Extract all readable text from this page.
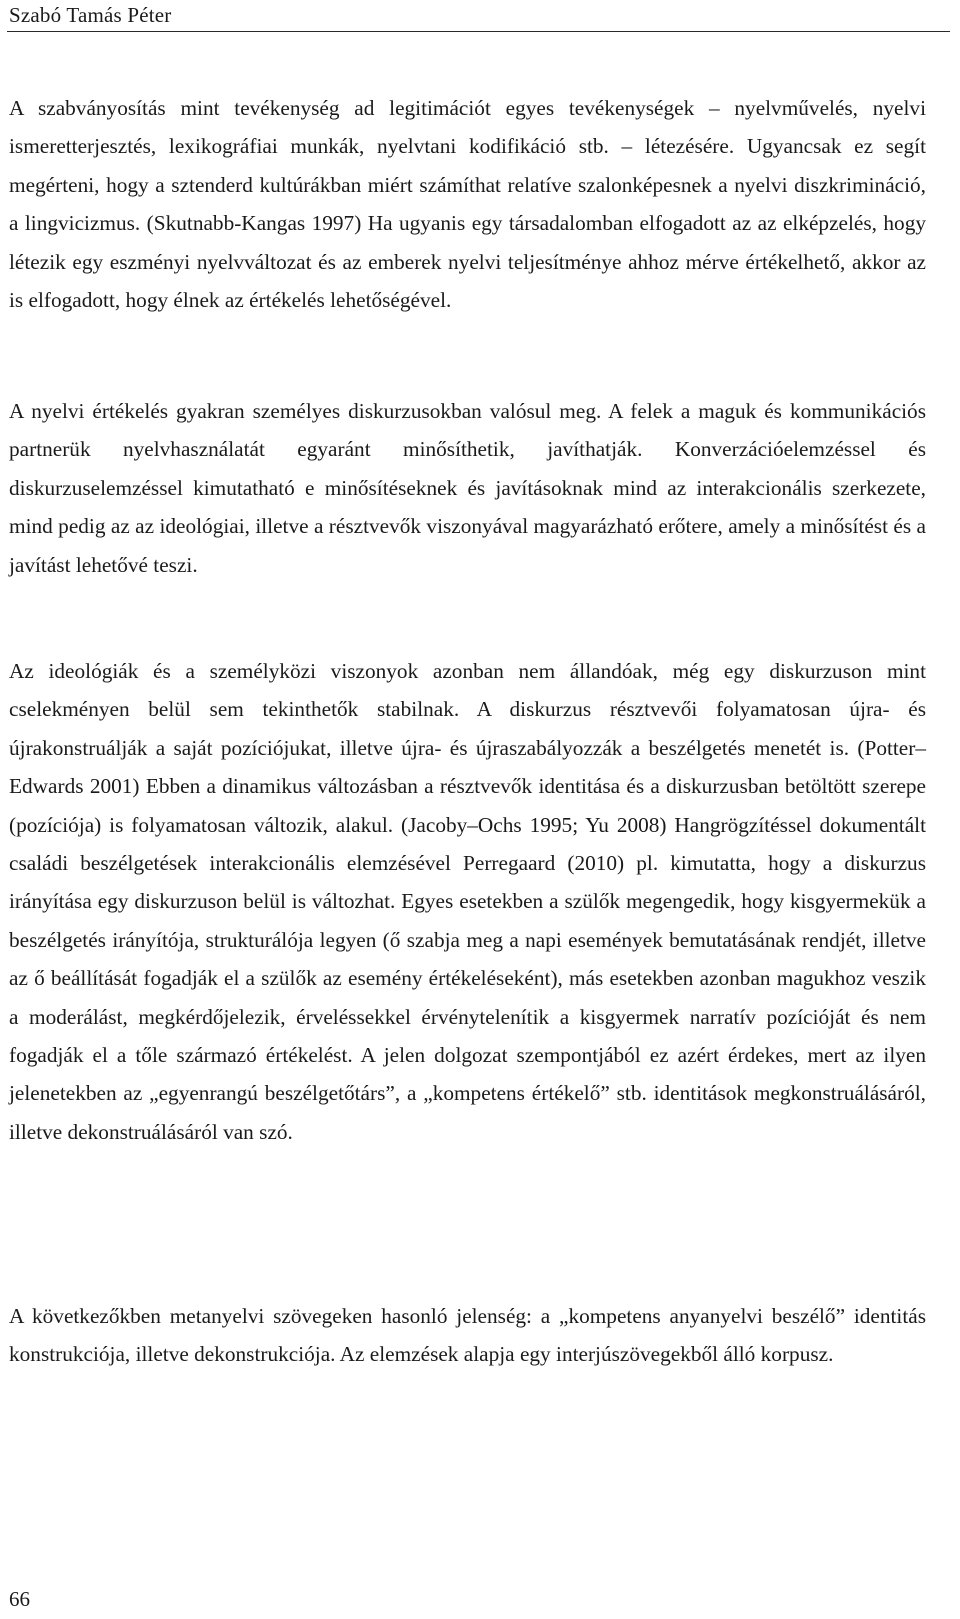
Szabó Tamás Péter

A szabványosítás mint tevékenység ad legitimációt egyes tevékenységek – nyelvművelés, nyelvi ismeretterjesztés, lexikográfiai munkák, nyelvtani kodifikáció stb. – létezésére. Ugyancsak ez segít megérteni, hogy a sztenderd kultúrákban miért számíthat relatíve szalonképesnek a nyelvi diszkrimináció, a lingvicizmus. (Skutnabb-Kangas 1997) Ha ugyanis egy társadalomban elfogadott az az elképzelés, hogy létezik egy eszményi nyelvváltozat és az emberek nyelvi teljesítménye ahhoz mérve értékelhető, akkor az is elfogadott, hogy élnek az értékelés lehetőségével.

A nyelvi értékelés gyakran személyes diskurzusokban valósul meg. A felek a maguk és kommunikációs partnerük nyelvhasználatát egyaránt minősíthetik, javíthatják. Konverzációelemzéssel és diskurzuselemzéssel kimutatható e minősítéseknek és javításoknak mind az interakcionális szerkezete, mind pedig az az ideológiai, illetve a résztvevők viszonyával magyarázható erőtere, amely a minősítést és a javítást lehetővé teszi.

Az ideológiák és a személyközi viszonyok azonban nem állandóak, még egy diskurzuson mint cselekményen belül sem tekinthetők stabilnak. A diskurzus résztvevői folyamatosan újra- és újrakonstruálják a saját pozíciójukat, illetve újra- és újraszabályozzák a beszélgetés menetét is. (Potter–Edwards 2001) Ebben a dinamikus változásban a résztvevők identitása és a diskurzusban betöltött szerepe (pozíciója) is folyamatosan változik, alakul. (Jacoby–Ochs 1995; Yu 2008) Hangrögzítéssel dokumentált családi beszélgetések interakcionális elemzésével Perregaard (2010) pl. kimutatta, hogy a diskurzus irányítása egy diskurzuson belül is változhat. Egyes esetekben a szülők megengedik, hogy kisgyermekük a beszélgetés irányítója, strukturálója legyen (ő szabja meg a napi események bemutatásának rendjét, illetve az ő beállítását fogadják el a szülők az esemény értékeléseként), más esetekben azonban magukhoz veszik a moderálást, megkérdőjelezik, érveléssekkel érvénytelenítik a kisgyermek narratív pozícióját és nem fogadják el a tőle származó értékelést. A jelen dolgozat szempontjából ez azért érdekes, mert az ilyen jelenetekben az „egyenrangú beszélgetőtárs”, a „kompetens értékelő” stb. identitások megkonstruálásáról, illetve dekonstruálásáról van szó.

A következőkben metanyelvi szövegeken hasonló jelenség: a „kompetens anyanyelvi beszélő” identitás konstrukciója, illetve dekonstrukciója. Az elemzések alapja egy interjúszövegekből álló korpusz.

66
